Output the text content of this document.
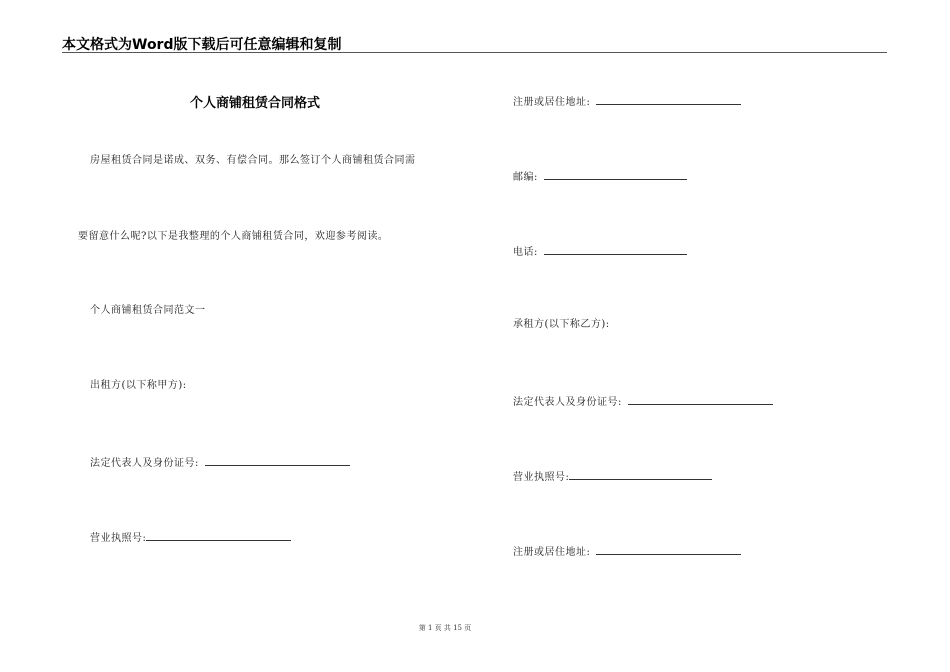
本文格式为Word版下载后可任意编辑和复制
个人商铺租赁合同格式
房屋租赁合同是诺成、双务、有偿合同。那么签订个人商铺租赁合同需
要留意什么呢?以下是我整理的个人商铺租赁合同，欢迎参考阅读。
个人商铺租赁合同范文一
出租方(以下称甲方):
法定代表人及身份证号:
营业执照号:
注册或居住地址:
邮编:
电话:
承租方(以下称乙方):
法定代表人及身份证号:
营业执照号:
注册或居住地址:
第 1 页 共 15 页
